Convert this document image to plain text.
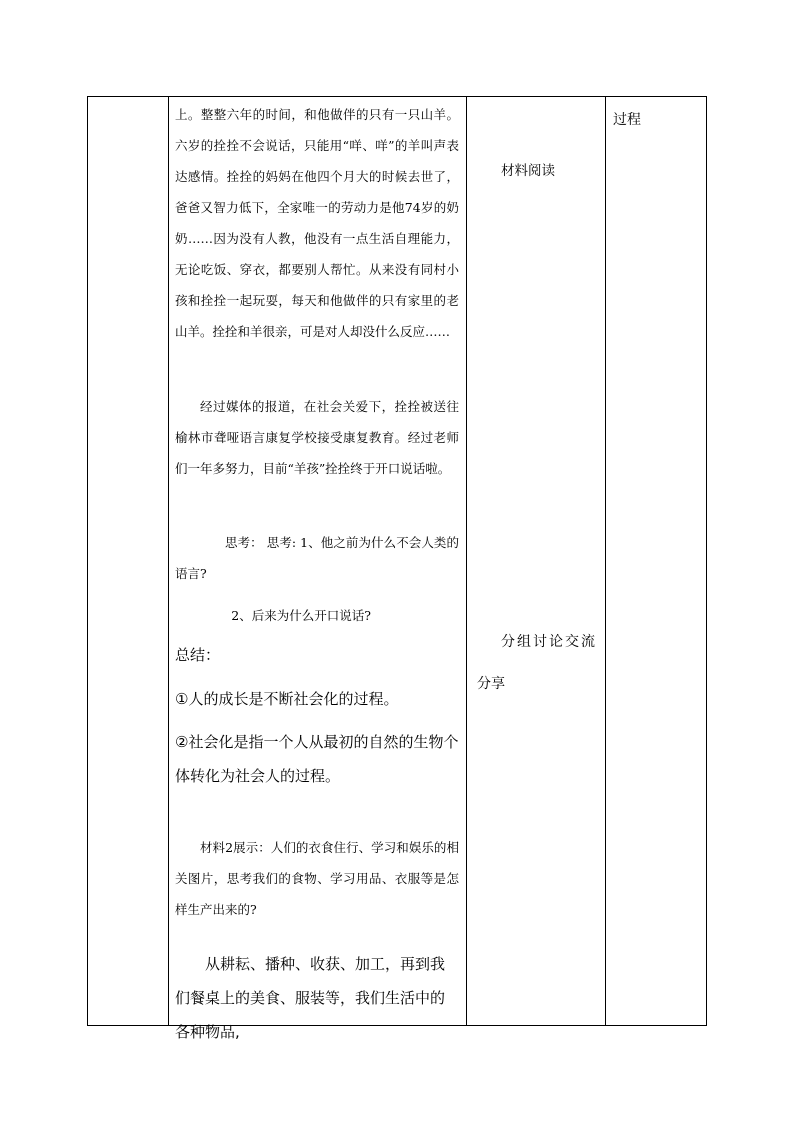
上。整整六年的时间，和他做伴的只有一只山羊。六岁的拴拴不会说话，只能用“咩、咩”的羊叫声表达感情。拴拴的妈妈在他四个月大的时候去世了，爸爸又智力低下，全家唯一的劳动力是他74岁的奶奶……因为没有人教，他没有一点生活自理能力，无论吃饭、穿衣，都要别人帮忙。从来没有同村小孩和拴拴一起玩耍，每天和他做伴的只有家里的老山羊。拴拴和羊很亲，可是对人却没什么反应……

经过媒体的报道，在社会关爱下，拴拴被送往榆林市聋哑语言康复学校接受康复教育。经过老师们一年多努力，目前“羊孩”拴拴终于开口说话啦。

思考： 思考: 1、他之前为什么不会人类的语言?

2、后来为什么开口说话?

总结：

①人的成长是不断社会化的过程。

②社会化是指一个人从最初的自然的生物个体转化为社会人的过程。

材料2展示：人们的衣食住行、学习和娱乐的相关图片，思考我们的食物、学习用品、衣服等是怎样生产出来的?

从耕耘、播种、收获、加工，再到我们餐桌上的美食、服装等，我们生活中的各种物品,

材料阅读
分组讨论交流
分享
过程
